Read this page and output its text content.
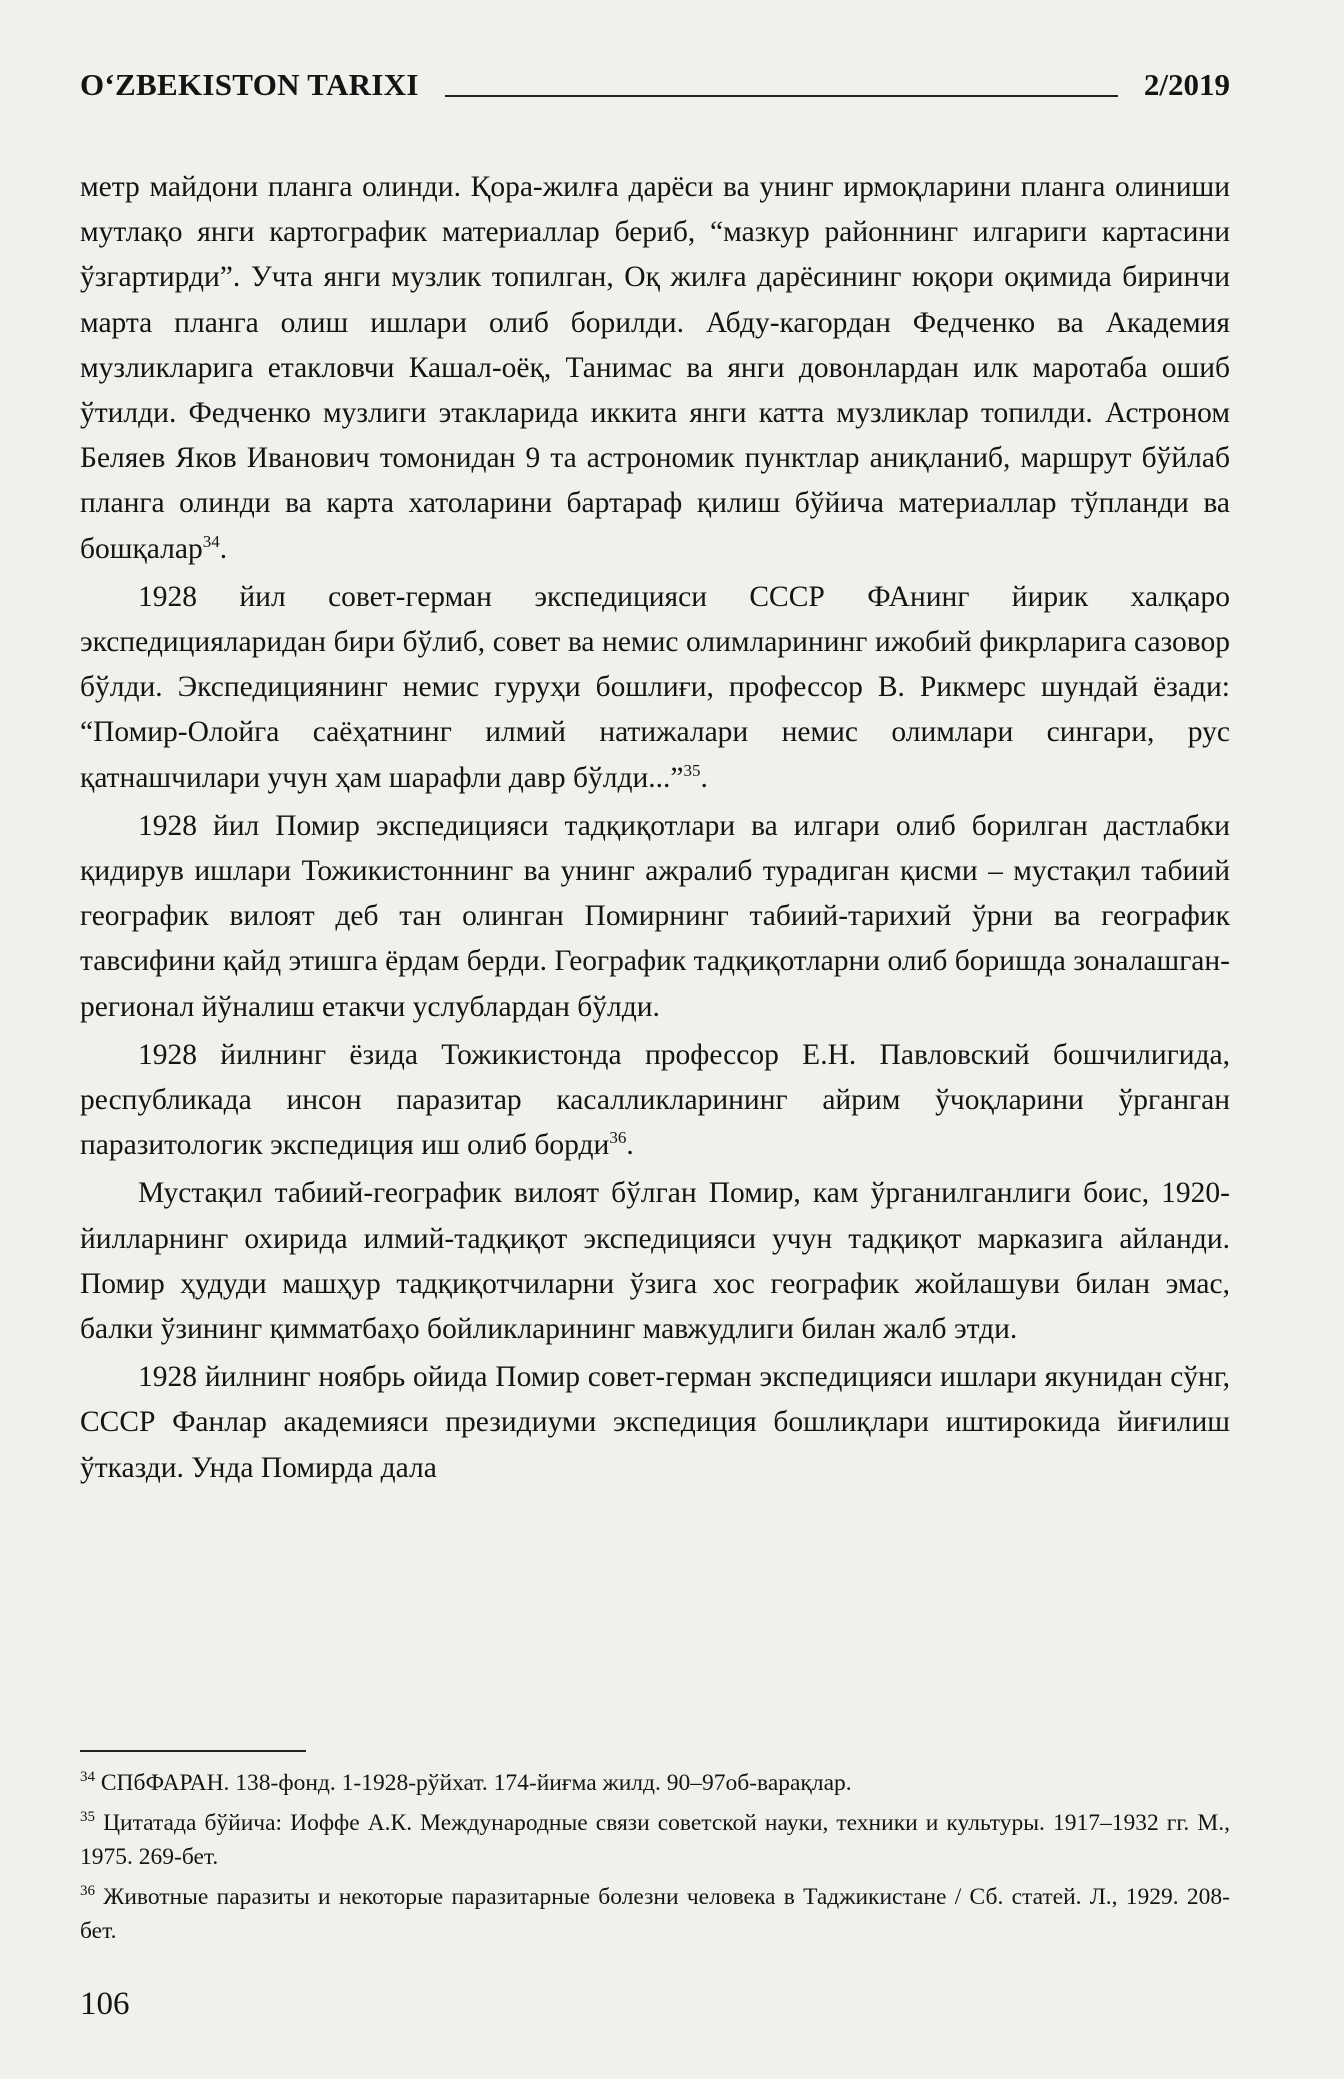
O‘ZBEKISTON TARIXI	2/2019

метр майдони планга олинди. Қора-жилға дарёси ва унинг ирмоқларини планга олиниши мутлақо янги картографик материаллар бериб, “мазкур районнинг илгариги картасини ўзгартирди”. Учта янги музлик топилган, Оқ жилға дарёсининг юқори оқимида биринчи марта планга олиш ишлари олиб борилди. Абду-кагордан Федченко ва Академия музликларига етакловчи Кашал-оёқ, Танимас ва янги довонлардан илк маротаба ошиб ўтилди. Федченко музлиги этакларида иккита янги катта музликлар топилди. Астроном Беляев Яков Иванович томонидан 9 та астрономик пунктлар аниқланиб, маршрут бўйлаб планга олинди ва карта хатоларини бартараф қилиш бўйича материаллар тўпланди ва бошқалар$^{34}$.

1928 йил совет-герман экспедицияси СССР ФАнинг йирик халқаро экспедицияларидан бири бўлиб, совет ва немис олимларининг ижобий фикрларига сазовор бўлди. Экспедициянинг немис гуруҳи бошлиғи, профессор В. Рикмерс шундай ёзади: “Помир-Олойга саёҳатнинг илмий натижалари немис олимлари сингари, рус қатнашчилари учун ҳам шарафли давр бўлди...”$^{35}$.

1928 йил Помир экспедицияси тадқиқотлари ва илгари олиб борилган дастлабки қидирув ишлари Тожикистоннинг ва унинг ажралиб турадиган қисми – мустақил табиий географик вилоят деб тан олинган Помирнинг табиий-тарихий ўрни ва географик тавсифини қайд этишга ёрдам берди. Географик тадқиқотларни олиб боришда зоналашган-регионал йўналиш етакчи услублардан бўлди.

1928 йилнинг ёзида Тожикистонда профессор Е.Н. Павловский бошчилигида, республикада инсон паразитар касалликларининг айрим ўчоқларини ўрганган паразитологик экспедиция иш олиб борди$^{36}$.

Мустақил табиий-географик вилоят бўлган Помир, кам ўрганилганлиги боис, 1920-йилларнинг охирида илмий-тадқиқот экспедицияси учун тадқиқот марказига айланди. Помир ҳудуди машҳур тадқиқотчиларни ўзига хос географик жойлашуви билан эмас, балки ўзининг қимматбаҳо бойликларининг мавжудлиги билан жалб этди.

1928 йилнинг ноябрь ойида Помир совет-герман экспедицияси ишлари якунидан сўнг, СССР Фанлар академияси президиуми экспедиция бошлиқлари иштирокида йиғилиш ўтказди. Унда Помирда дала

$^{34}$ СПбФАРАН. 138-фонд. 1-1928-рўйхат. 174-йиғма жилд. 90–97об-варақлар.

$^{35}$ Цитатада бўйича: Иоффе А.К. Международные связи советской науки, техники и культуры. 1917–1932 гг. М., 1975. 269-бет.

$^{36}$ Животные паразиты и некоторые паразитарные болезни человека в Таджикистане / Сб. статей. Л., 1929. 208-бет.

106
